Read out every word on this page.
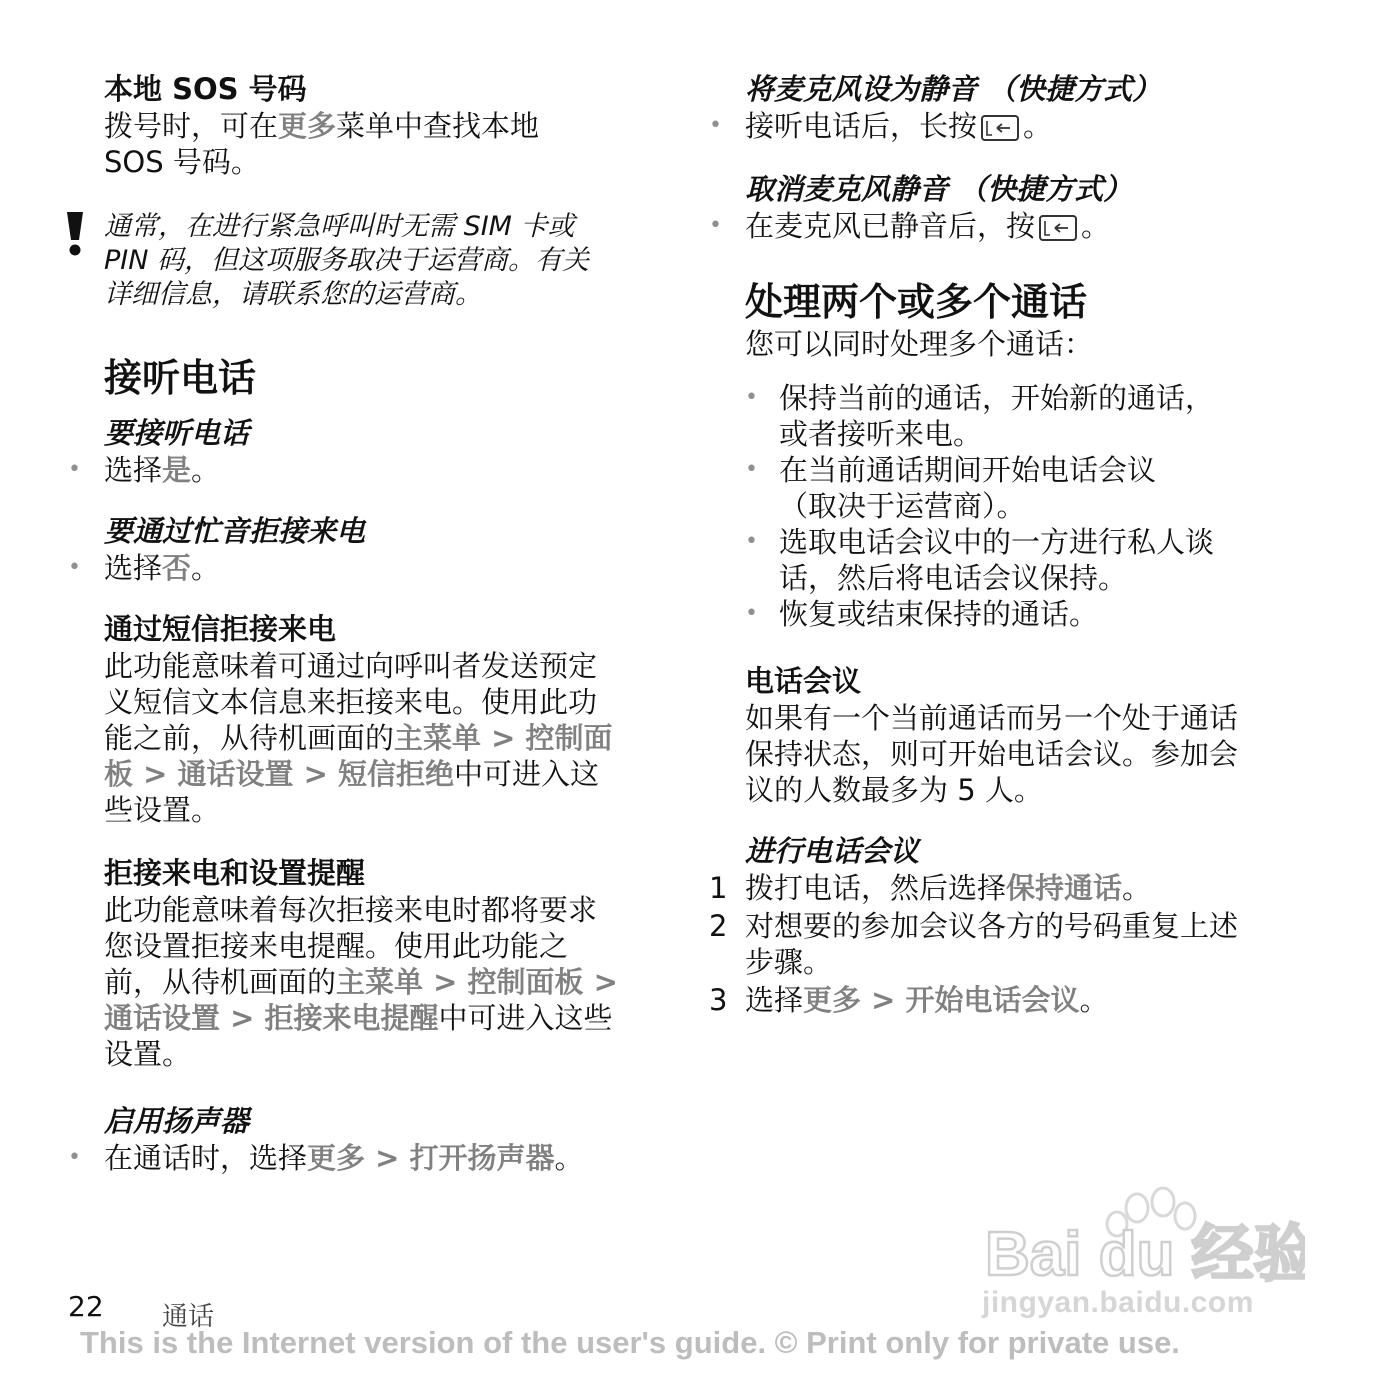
本地 SOS 号码

拨号时，可在更多菜单中查找本地

SOS 号码。

通常，在进行紧急呼叫时无需 SIM 卡或

PIN 码，但这项服务取决于运营商。有关

详细信息，请联系您的运营商。

接听电话

要接听电话

• 选择是。

要通过忙音拒接来电

• 选择否。

通过短信拒接来电

此功能意味着可通过向呼叫者发送预定

义短信文本信息来拒接来电。使用此功

能之前，从待机画面的主菜单 > 控制面

板 > 通话设置 > 短信拒绝中可进入这

些设置。

拒接来电和设置提醒

此功能意味着每次拒接来电时都将要求

您设置拒接来电提醒。使用此功能之

前，从待机画面的主菜单 > 控制面板 >

通话设置 > 拒接来电提醒中可进入这些

设置。

启用扬声器

• 在通话时，选择更多 > 打开扬声器。

将麦克风设为静音 （快捷方式）

• 接听电话后，长按 。

取消麦克风静音 （快捷方式）

• 在麦克风已静音后，按 。

处理两个或多个通话

您可以同时处理多个通话：

• 保持当前的通话，开始新的通话，
或者接听来电。
• 在当前通话期间开始电话会议
（取决于运营商）。
• 选取电话会议中的一方进行私人谈
话，然后将电话会议保持。
• 恢复或结束保持的通话。

电话会议

如果有一个当前通话而另一个处于通话

保持状态，则可开始电话会议。参加会

议的人数最多为 5 人。

进行电话会议

1 拨打电话，然后选择保持通话。
2 对想要的参加会议各方的号码重复上述
步骤。
3 选择更多 > 开始电话会议。
Bai du 经验
jingyan.baidu.com
22 通话
This is the Internet version of the user's guide. © Print only for private use.
